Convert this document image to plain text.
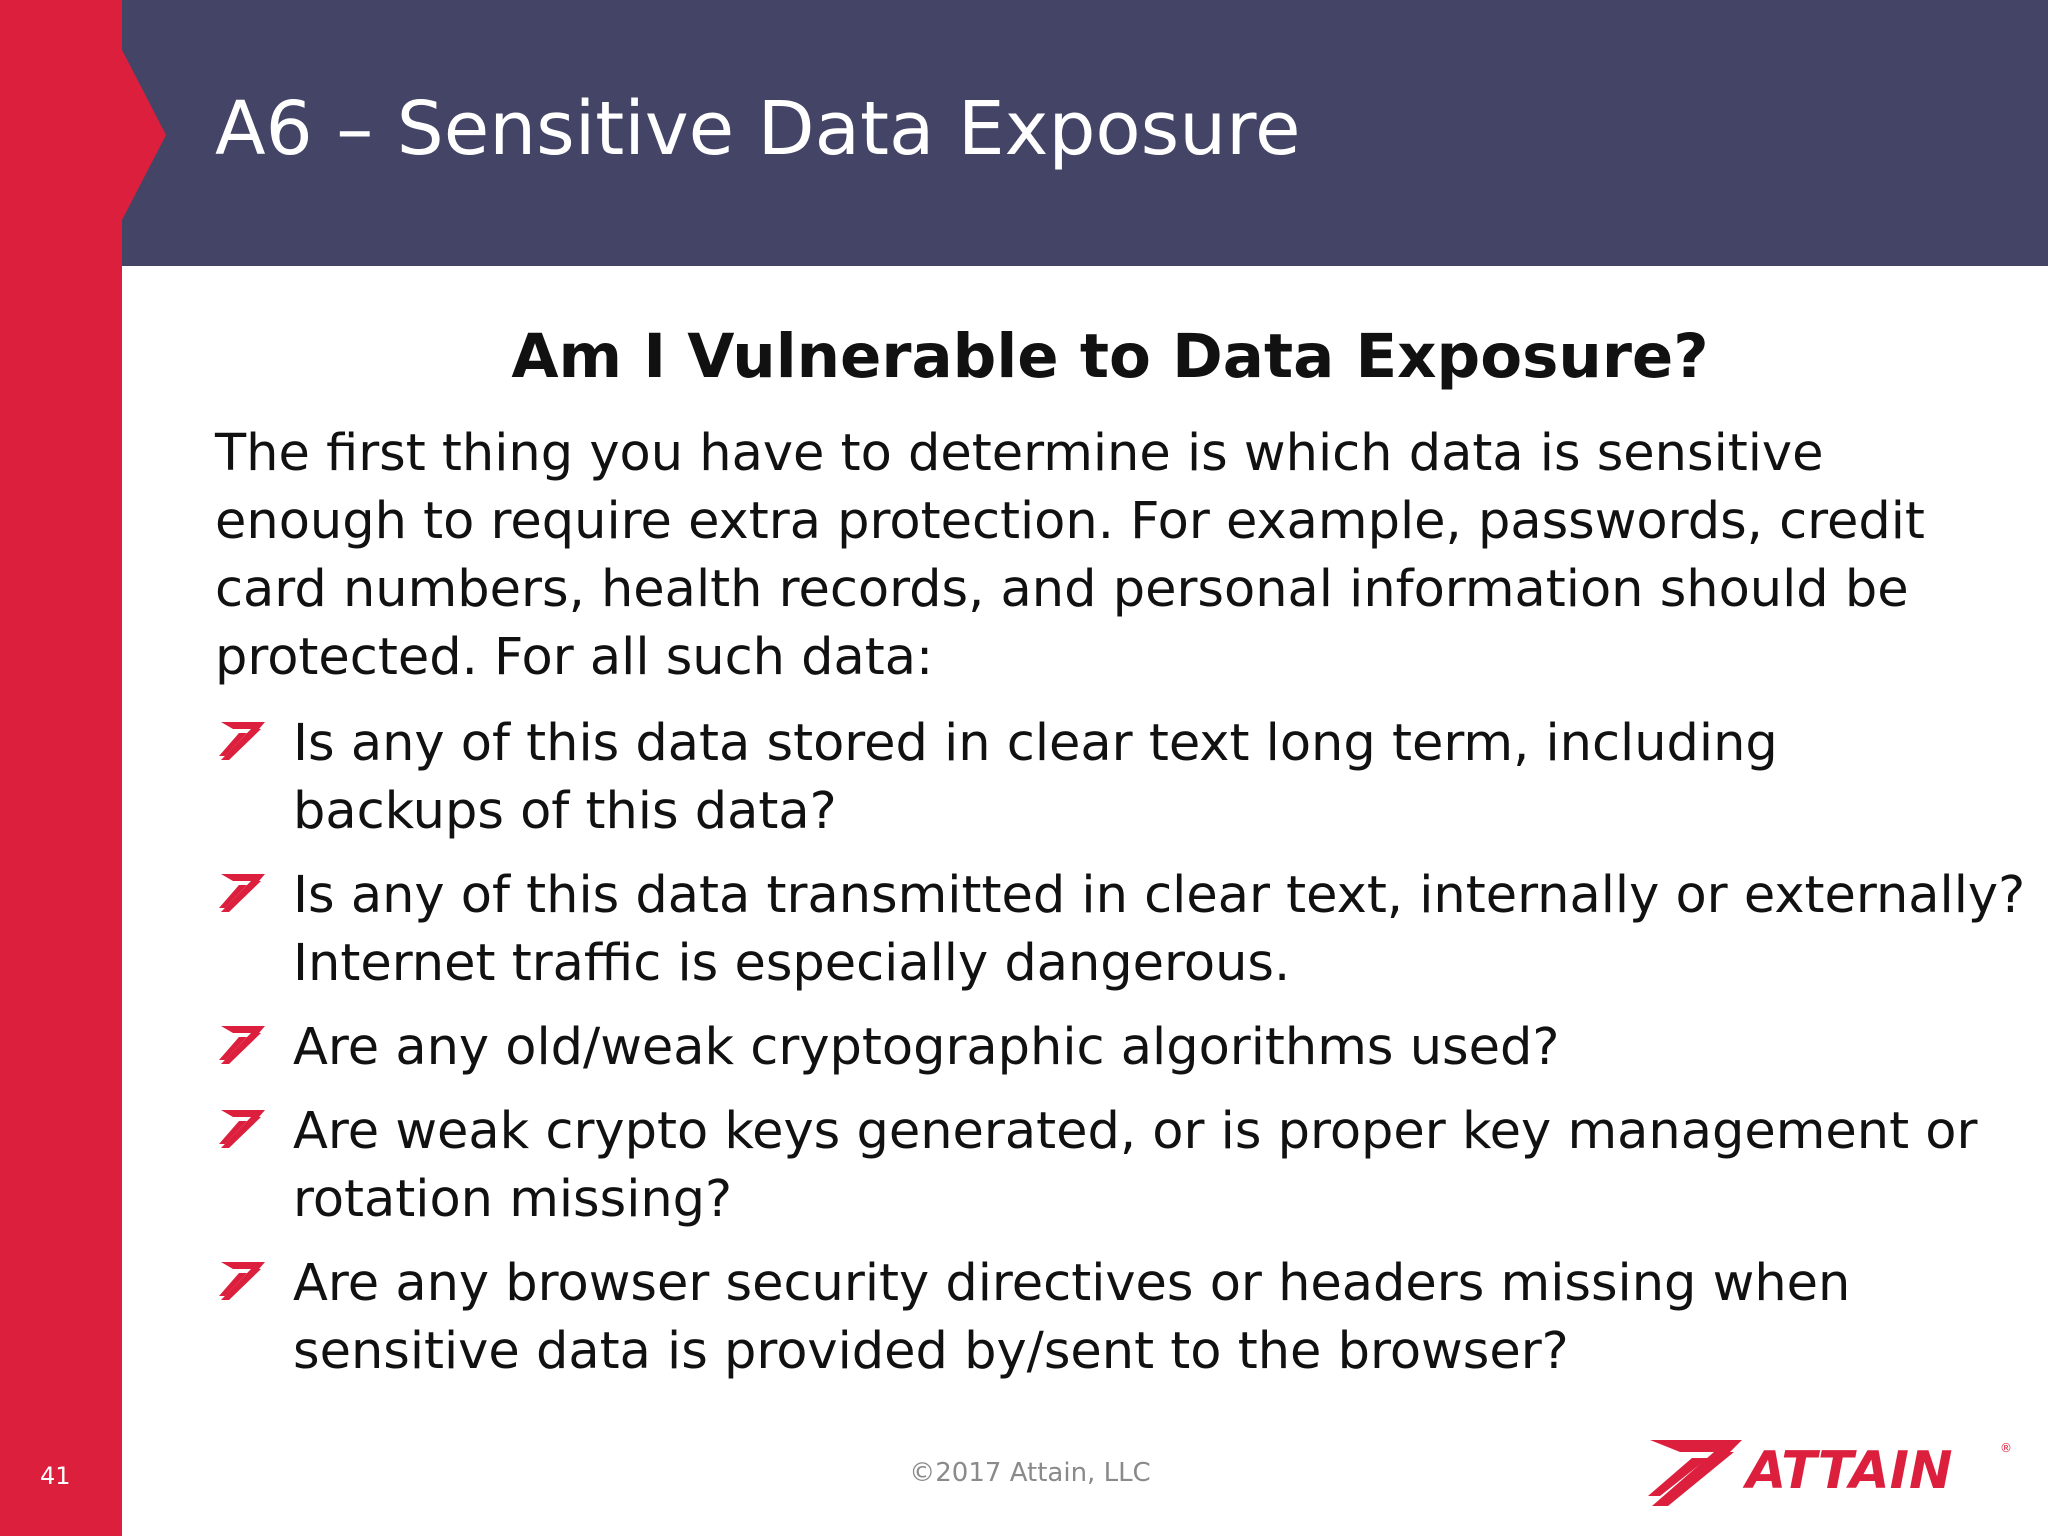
A6 – Sensitive Data Exposure
Am I Vulnerable to Data Exposure?

The first thing you have to determine is which data is sensitive
enough to require extra protection. For example, passwords, credit
card numbers, health records, and personal information should be
protected. For all such data:

Is any of this data stored in clear text long term, including
backups of this data?
Is any of this data transmitted in clear text, internally or externally?
Internet traffic is especially dangerous.
Are any old/weak cryptographic algorithms used?
Are weak crypto keys generated, or is proper key management or
rotation missing?
Are any browser security directives or headers missing when
sensitive data is provided by/sent to the browser?
41	©2017 Attain, LLC	ATTAIN	®
